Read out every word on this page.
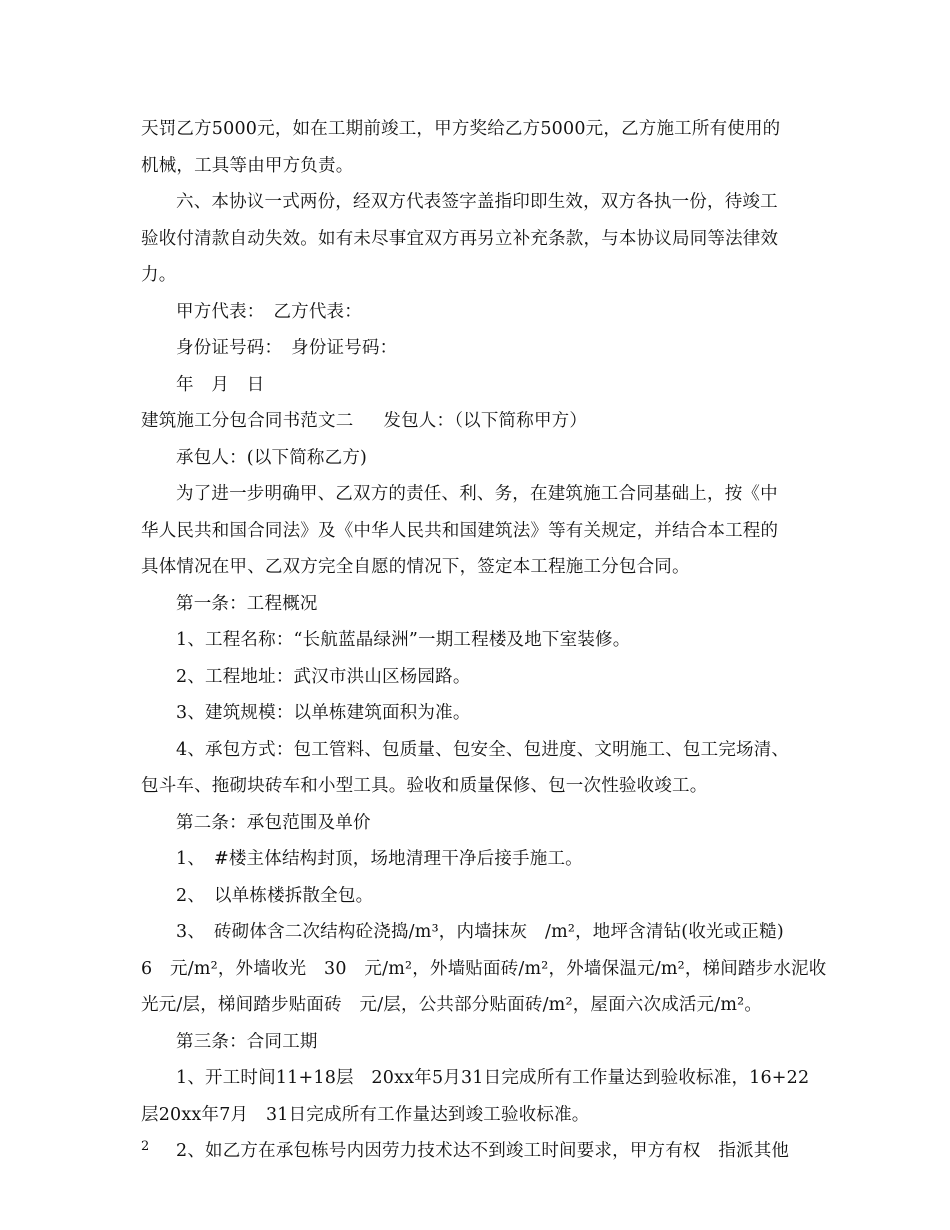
天罚乙方5000元，如在工期前竣工，甲方奖给乙方5000元，乙方施工所有使用的
机械，工具等由甲方负责。
六、本协议一式两份，经双方代表签字盖指印即生效，双方各执一份，待竣工
验收付清款自动失效。如有未尽事宜双方再另立补充条款，与本协议局同等法律效
力。
甲方代表：　乙方代表：
身份证号码：　身份证号码：
年　月　日
建筑施工分包合同书范文二 发包人：（以下简称甲方）
承包人：(以下简称乙方)
为了进一步明确甲、乙双方的责任、利、务，在建筑施工合同基础上，按《中
华人民共和国合同法》及《中华人民共和国建筑法》等有关规定，并结合本工程的
具体情况在甲、乙双方完全自愿的情况下，签定本工程施工分包合同。
第一条：工程概况
1、工程名称：“长航蓝晶绿洲”一期工程楼及地下室装修。
2、工程地址：武汉市洪山区杨园路。
3、建筑规模：以单栋建筑面积为准。
4、承包方式：包工管料、包质量、包安全、包进度、文明施工、包工完场清、
包斗车、拖砌块砖车和小型工具。验收和质量保修、包一次性验收竣工。
第二条：承包范围及单价
1、　#楼主体结构封顶，场地清理干净后接手施工。
2、　以单栋楼拆散全包。
3、　砖砌体含二次结构砼浇捣/m³，内墙抹灰　/m²，地坪含清钻(收光或正糙)
6　元/m²，外墙收光　30　元/m²，外墙贴面砖/m²，外墙保温元/m²，梯间踏步水泥收
光元/层，梯间踏步贴面砖　元/层，公共部分贴面砖/m²，屋面六次成活元/m²。
第三条：合同工期
1、开工时间11+18层　20xx年5月31日完成所有工作量达到验收标准，16+22
层20xx年7月　31日完成所有工作量达到竣工验收标准。
2、如乙方在承包栋号内因劳力技术达不到竣工时间要求，甲方有权　指派其他
2
